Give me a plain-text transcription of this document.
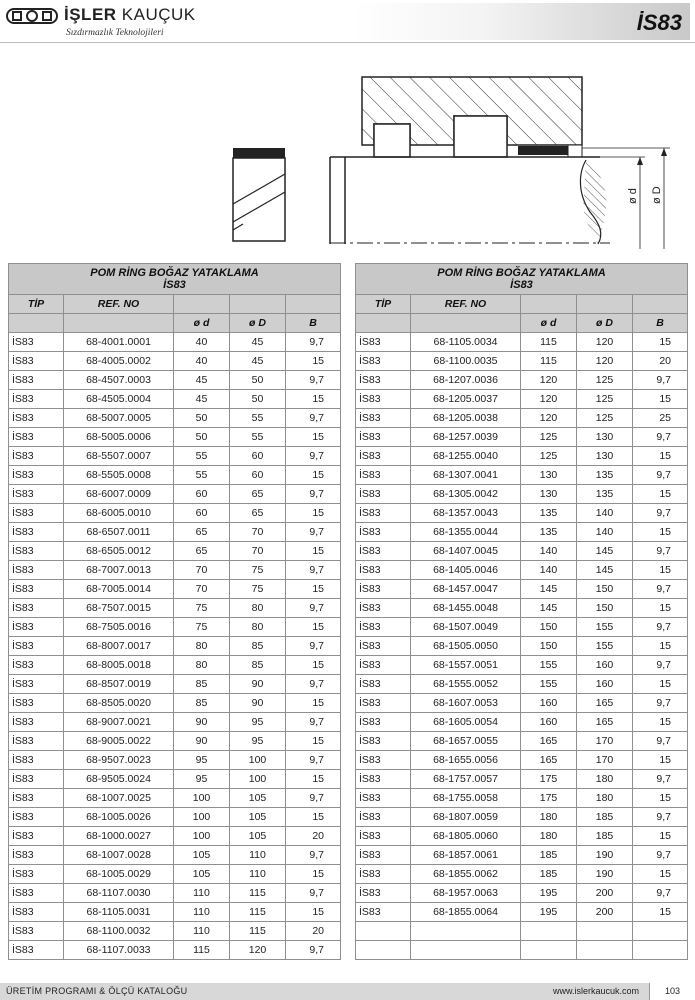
İŞLER KAUÇUK
Sızdırmazlık Teknolojileri	İS83
ø d ø D
POM RİNG BOĞAZ YATAKLAMA
İS83				

TİP	REF. NO			
		ø d	ø D	B
İS83	68-4001.0001	40	45	9,7
İS83	68-4005.0002	40	45	15
İS83	68-4507.0003	45	50	9,7
İS83	68-4505.0004	45	50	15
İS83	68-5007.0005	50	55	9,7
İS83	68-5005.0006	50	55	15
İS83	68-5507.0007	55	60	9,7
İS83	68-5505.0008	55	60	15
İS83	68-6007.0009	60	65	9,7
İS83	68-6005.0010	60	65	15
İS83	68-6507.0011	65	70	9,7
İS83	68-6505.0012	65	70	15
İS83	68-7007.0013	70	75	9,7
İS83	68-7005.0014	70	75	15
İS83	68-7507.0015	75	80	9,7
İS83	68-7505.0016	75	80	15
İS83	68-8007.0017	80	85	9,7
İS83	68-8005.0018	80	85	15
İS83	68-8507.0019	85	90	9,7
İS83	68-8505.0020	85	90	15
İS83	68-9007.0021	90	95	9,7
İS83	68-9005.0022	90	95	15
İS83	68-9507.0023	95	100	9,7
İS83	68-9505.0024	95	100	15
İS83	68-1007.0025	100	105	9,7
İS83	68-1005.0026	100	105	15
İS83	68-1000.0027	100	105	20
İS83	68-1007.0028	105	110	9,7
İS83	68-1005.0029	105	110	15
İS83	68-1107.0030	110	115	9,7
İS83	68-1105.0031	110	115	15
İS83	68-1100.0032	110	115	20
İS83	68-1107.0033	115	120	9,7
POM RİNG BOĞAZ YATAKLAMA
İS83				

TİP	REF. NO			
		ø d	ø D	B
İS83	68-1105.0034	115	120	15
İS83	68-1100.0035	115	120	20
İS83	68-1207.0036	120	125	9,7
İS83	68-1205.0037	120	125	15
İS83	68-1205.0038	120	125	25
İS83	68-1257.0039	125	130	9,7
İS83	68-1255.0040	125	130	15
İS83	68-1307.0041	130	135	9,7
İS83	68-1305.0042	130	135	15
İS83	68-1357.0043	135	140	9,7
İS83	68-1355.0044	135	140	15
İS83	68-1407.0045	140	145	9,7
İS83	68-1405.0046	140	145	15
İS83	68-1457.0047	145	150	9,7
İS83	68-1455.0048	145	150	15
İS83	68-1507.0049	150	155	9,7
İS83	68-1505.0050	150	155	15
İS83	68-1557.0051	155	160	9,7
İS83	68-1555.0052	155	160	15
İS83	68-1607.0053	160	165	9,7
İS83	68-1605.0054	160	165	15
İS83	68-1657.0055	165	170	9,7
İS83	68-1655.0056	165	170	15
İS83	68-1757.0057	175	180	9,7
İS83	68-1755.0058	175	180	15
İS83	68-1807.0059	180	185	9,7
İS83	68-1805.0060	180	185	15
İS83	68-1857.0061	185	190	9,7
İS83	68-1855.0062	185	190	15
İS83	68-1957.0063	195	200	9,7
İS83	68-1855.0064	195	200	15

ÜRETİM PROGRAMI & ÖLÇÜ KATALOĞU	www.islerkaucuk.com	103
